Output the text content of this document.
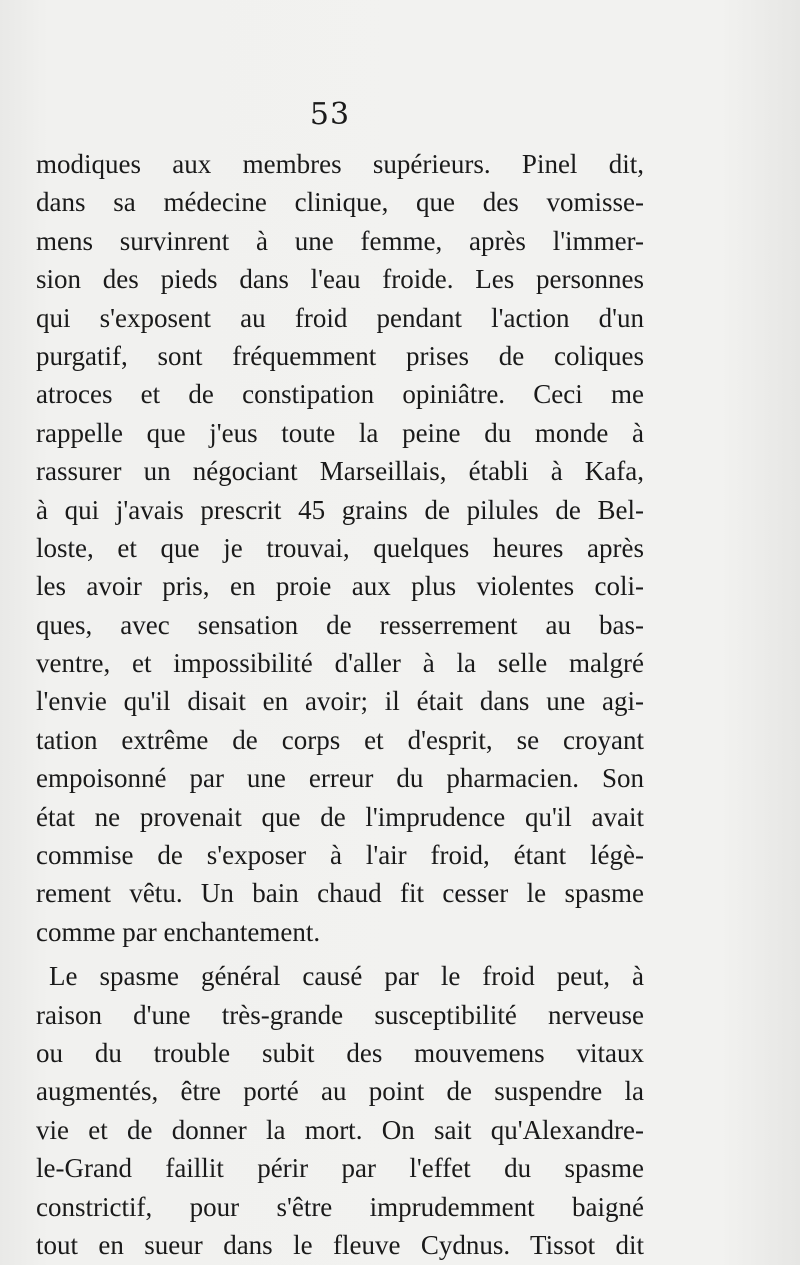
53
modiques aux membres supérieurs. Pinel dit,
dans sa médecine clinique, que des vomisse-
mens survinrent à une femme, après l'immer-
sion des pieds dans l'eau froide. Les personnes
qui s'exposent au froid pendant l'action d'un
purgatif, sont fréquemment prises de coliques
atroces et de constipation opiniâtre. Ceci me
rappelle que j'eus toute la peine du monde à
rassurer un négociant Marseillais, établi à Kafa,
à qui j'avais prescrit 45 grains de pilules de Bel-
loste, et que je trouvai, quelques heures après
les avoir pris, en proie aux plus violentes coli-
ques, avec sensation de resserrement au bas-
ventre, et impossibilité d'aller à la selle malgré
l'envie qu'il disait en avoir; il était dans une agi-
tation extrême de corps et d'esprit, se croyant
empoisonné par une erreur du pharmacien. Son
état ne provenait que de l'imprudence qu'il avait
commise de s'exposer à l'air froid, étant légè-
rement vêtu. Un bain chaud fit cesser le spasme
comme par enchantement.
Le spasme général causé par le froid peut, à
raison d'une très-grande susceptibilité nerveuse
ou du trouble subit des mouvemens vitaux
augmentés, être porté au point de suspendre la
vie et de donner la mort. On sait qu'Alexandre-
le-Grand faillit périr par l'effet du spasme
constrictif, pour s'être imprudemment baigné
tout en sueur dans le fleuve Cydnus. Tissot dit
